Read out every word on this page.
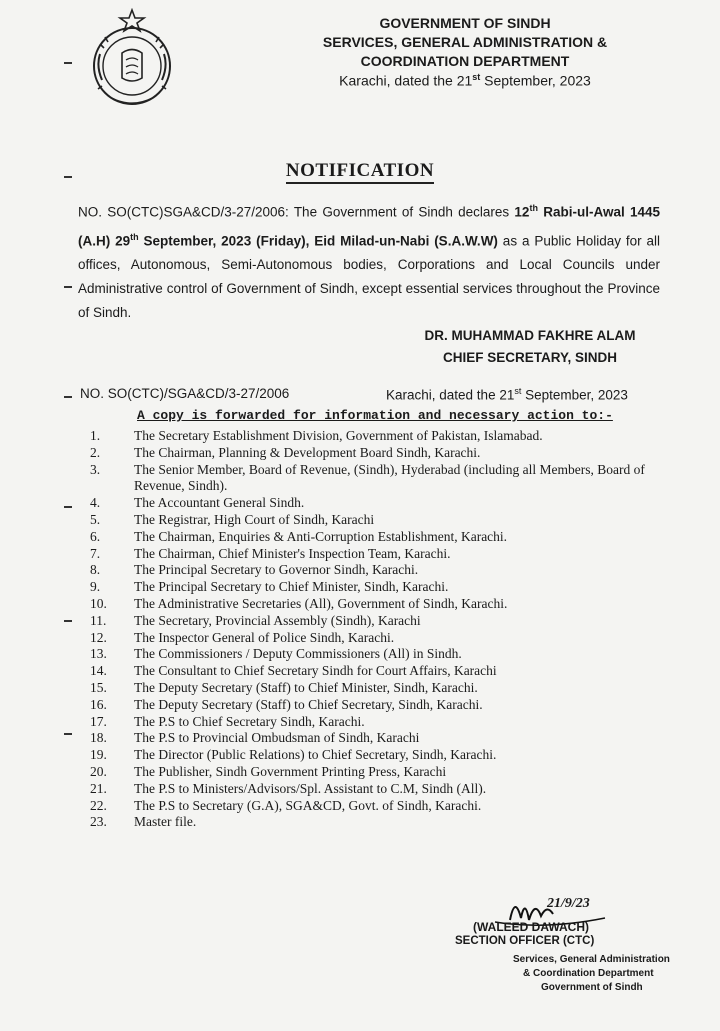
GOVERNMENT OF SINDH
SERVICES, GENERAL ADMINISTRATION &
COORDINATION DEPARTMENT
Karachi, dated the 21st September, 2023
NOTIFICATION
NO. SO(CTC)SGA&CD/3-27/2006: The Government of Sindh declares 12th Rabi-ul-Awal 1445 (A.H) 29th September, 2023 (Friday), Eid Milad-un-Nabi (S.A.W.W) as a Public Holiday for all offices, Autonomous, Semi-Autonomous bodies, Corporations and Local Councils under Administrative control of Government of Sindh, except essential services throughout the Province of Sindh.
DR. MUHAMMAD FAKHRE ALAM
CHIEF SECRETARY, SINDH
NO. SO(CTC)/SGA&CD/3-27/2006	Karachi, dated the 21st September, 2023
A copy is forwarded for information and necessary action to:-
1.	The Secretary Establishment Division, Government of Pakistan, Islamabad.
2.	The Chairman, Planning & Development Board Sindh, Karachi.
3.	The Senior Member, Board of Revenue, (Sindh), Hyderabad (including all Members, Board of Revenue, Sindh).
4.	The Accountant General Sindh.
5.	The Registrar, High Court of Sindh, Karachi
6.	The Chairman, Enquiries & Anti-Corruption Establishment, Karachi.
7.	The Chairman, Chief Minister's Inspection Team, Karachi.
8.	The Principal Secretary to Governor Sindh, Karachi.
9.	The Principal Secretary to Chief Minister, Sindh, Karachi.
10.	The Administrative Secretaries (All), Government of Sindh, Karachi.
11.	The Secretary, Provincial Assembly (Sindh), Karachi
12.	The Inspector General of Police Sindh, Karachi.
13.	The Commissioners / Deputy Commissioners (All) in Sindh.
14.	The Consultant to Chief Secretary Sindh for Court Affairs, Karachi
15.	The Deputy Secretary (Staff) to Chief Minister, Sindh, Karachi.
16.	The Deputy Secretary (Staff) to Chief Secretary, Sindh, Karachi.
17.	The P.S to Chief Secretary Sindh, Karachi.
18.	The P.S to Provincial Ombudsman of Sindh, Karachi
19.	The Director (Public Relations) to Chief Secretary, Sindh, Karachi.
20.	The Publisher, Sindh Government Printing Press, Karachi
21.	The P.S to Ministers/Advisors/Spl. Assistant to C.M, Sindh (All).
22.	The P.S to Secretary (G.A), SGA&CD, Govt. of Sindh, Karachi.
23.	Master file.
21/9/23
(WALEED DAWACH)
SECTION OFFICER (CTC)
Services, General Administration
& Coordination Department
Government of Sindh
